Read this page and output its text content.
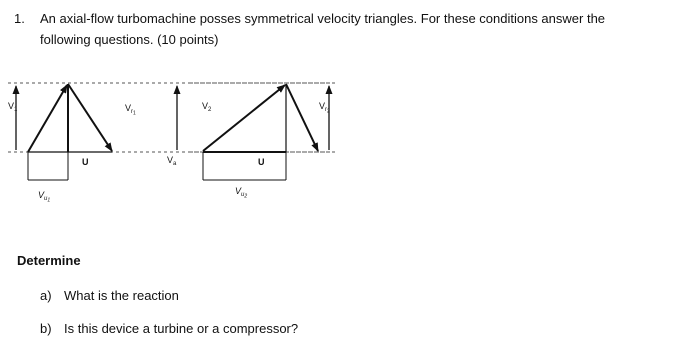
1. An axial-flow turbomachine posses symmetrical velocity triangles. For these conditions answer the following questions. (10 points)
$V_1$	$V_r1$
$V_2$	$V_r2$
U	$V_a$	U
$V_u1$
$V_u2$
Determine
a) What is the reaction
b) Is this device a turbine or a compressor?
